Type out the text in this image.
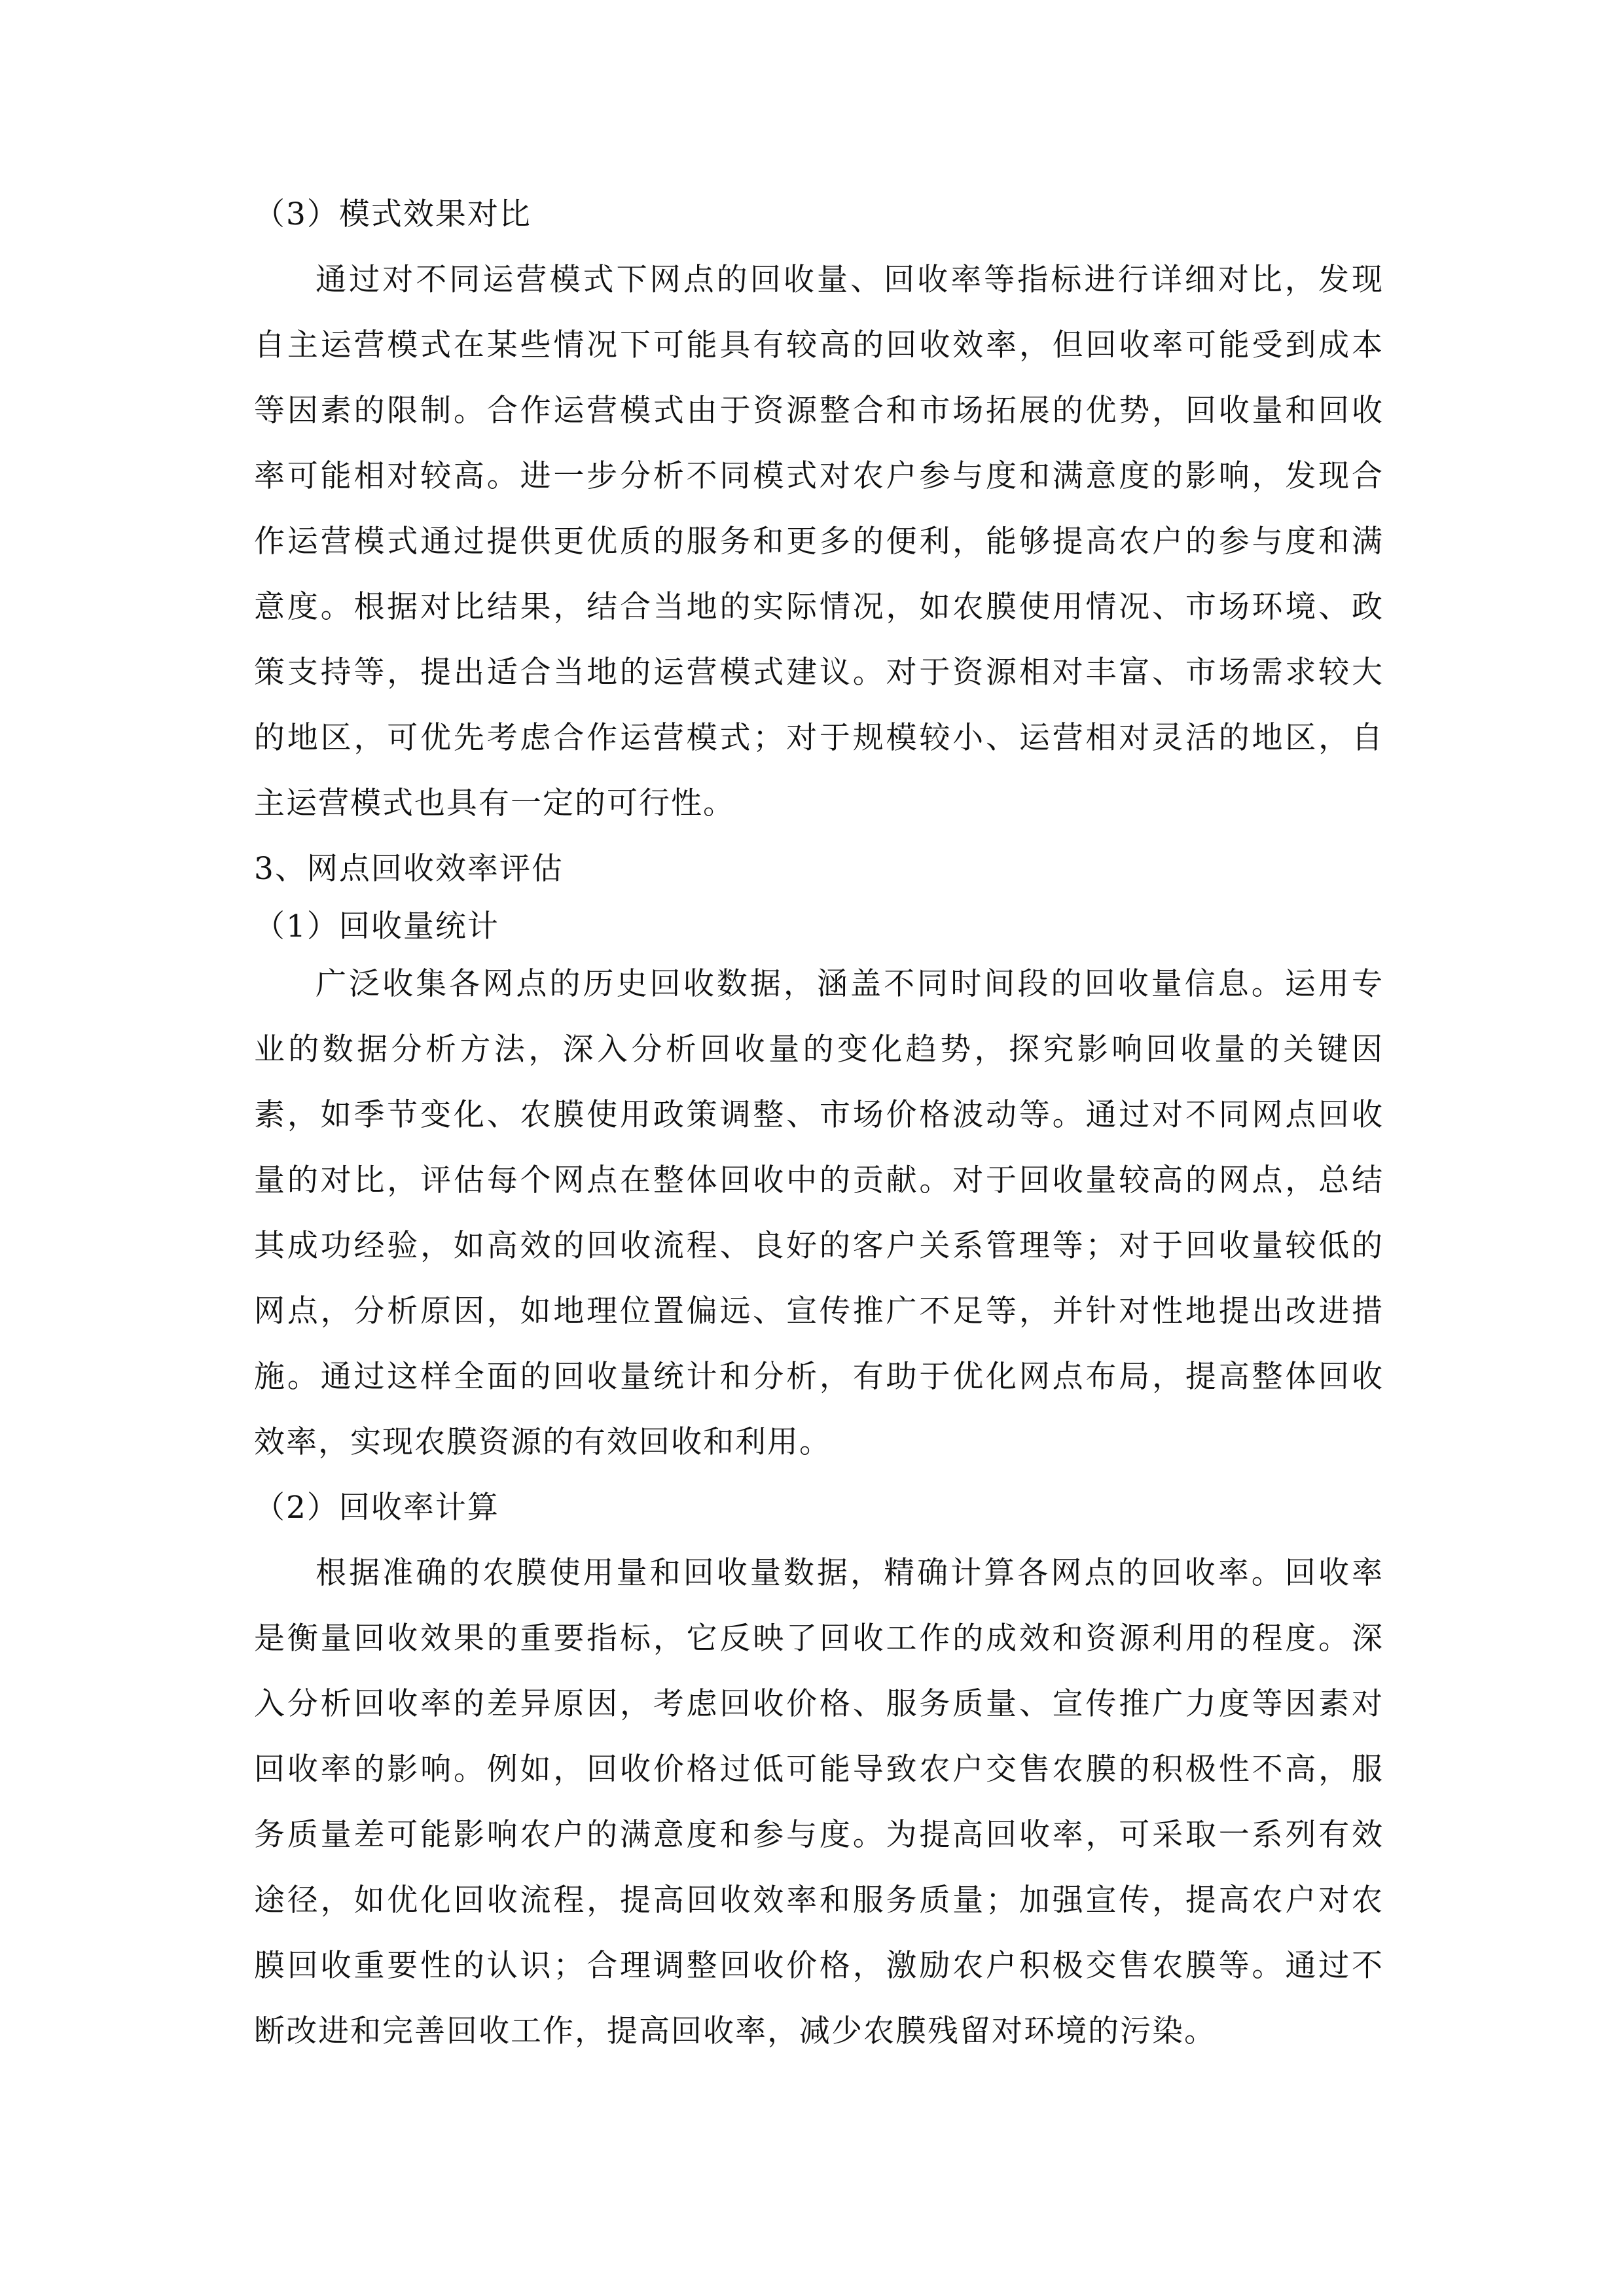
（3）模式效果对比
通过对不同运营模式下网点的回收量、回收率等指标进行详细对比，发现
自主运营模式在某些情况下可能具有较高的回收效率，但回收率可能受到成本
等因素的限制。合作运营模式由于资源整合和市场拓展的优势，回收量和回收
率可能相对较高。进一步分析不同模式对农户参与度和满意度的影响，发现合
作运营模式通过提供更优质的服务和更多的便利，能够提高农户的参与度和满
意度。根据对比结果，结合当地的实际情况，如农膜使用情况、市场环境、政
策支持等，提出适合当地的运营模式建议。对于资源相对丰富、市场需求较大
的地区，可优先考虑合作运营模式；对于规模较小、运营相对灵活的地区，自
主运营模式也具有一定的可行性。
3、网点回收效率评估
（1）回收量统计
广泛收集各网点的历史回收数据，涵盖不同时间段的回收量信息。运用专
业的数据分析方法，深入分析回收量的变化趋势，探究影响回收量的关键因
素，如季节变化、农膜使用政策调整、市场价格波动等。通过对不同网点回收
量的对比，评估每个网点在整体回收中的贡献。对于回收量较高的网点，总结
其成功经验，如高效的回收流程、良好的客户关系管理等；对于回收量较低的
网点，分析原因，如地理位置偏远、宣传推广不足等，并针对性地提出改进措
施。通过这样全面的回收量统计和分析，有助于优化网点布局，提高整体回收
效率，实现农膜资源的有效回收和利用。
（2）回收率计算
根据准确的农膜使用量和回收量数据，精确计算各网点的回收率。回收率
是衡量回收效果的重要指标，它反映了回收工作的成效和资源利用的程度。深
入分析回收率的差异原因，考虑回收价格、服务质量、宣传推广力度等因素对
回收率的影响。例如，回收价格过低可能导致农户交售农膜的积极性不高，服
务质量差可能影响农户的满意度和参与度。为提高回收率，可采取一系列有效
途径，如优化回收流程，提高回收效率和服务质量；加强宣传，提高农户对农
膜回收重要性的认识；合理调整回收价格，激励农户积极交售农膜等。通过不
断改进和完善回收工作，提高回收率，减少农膜残留对环境的污染。
